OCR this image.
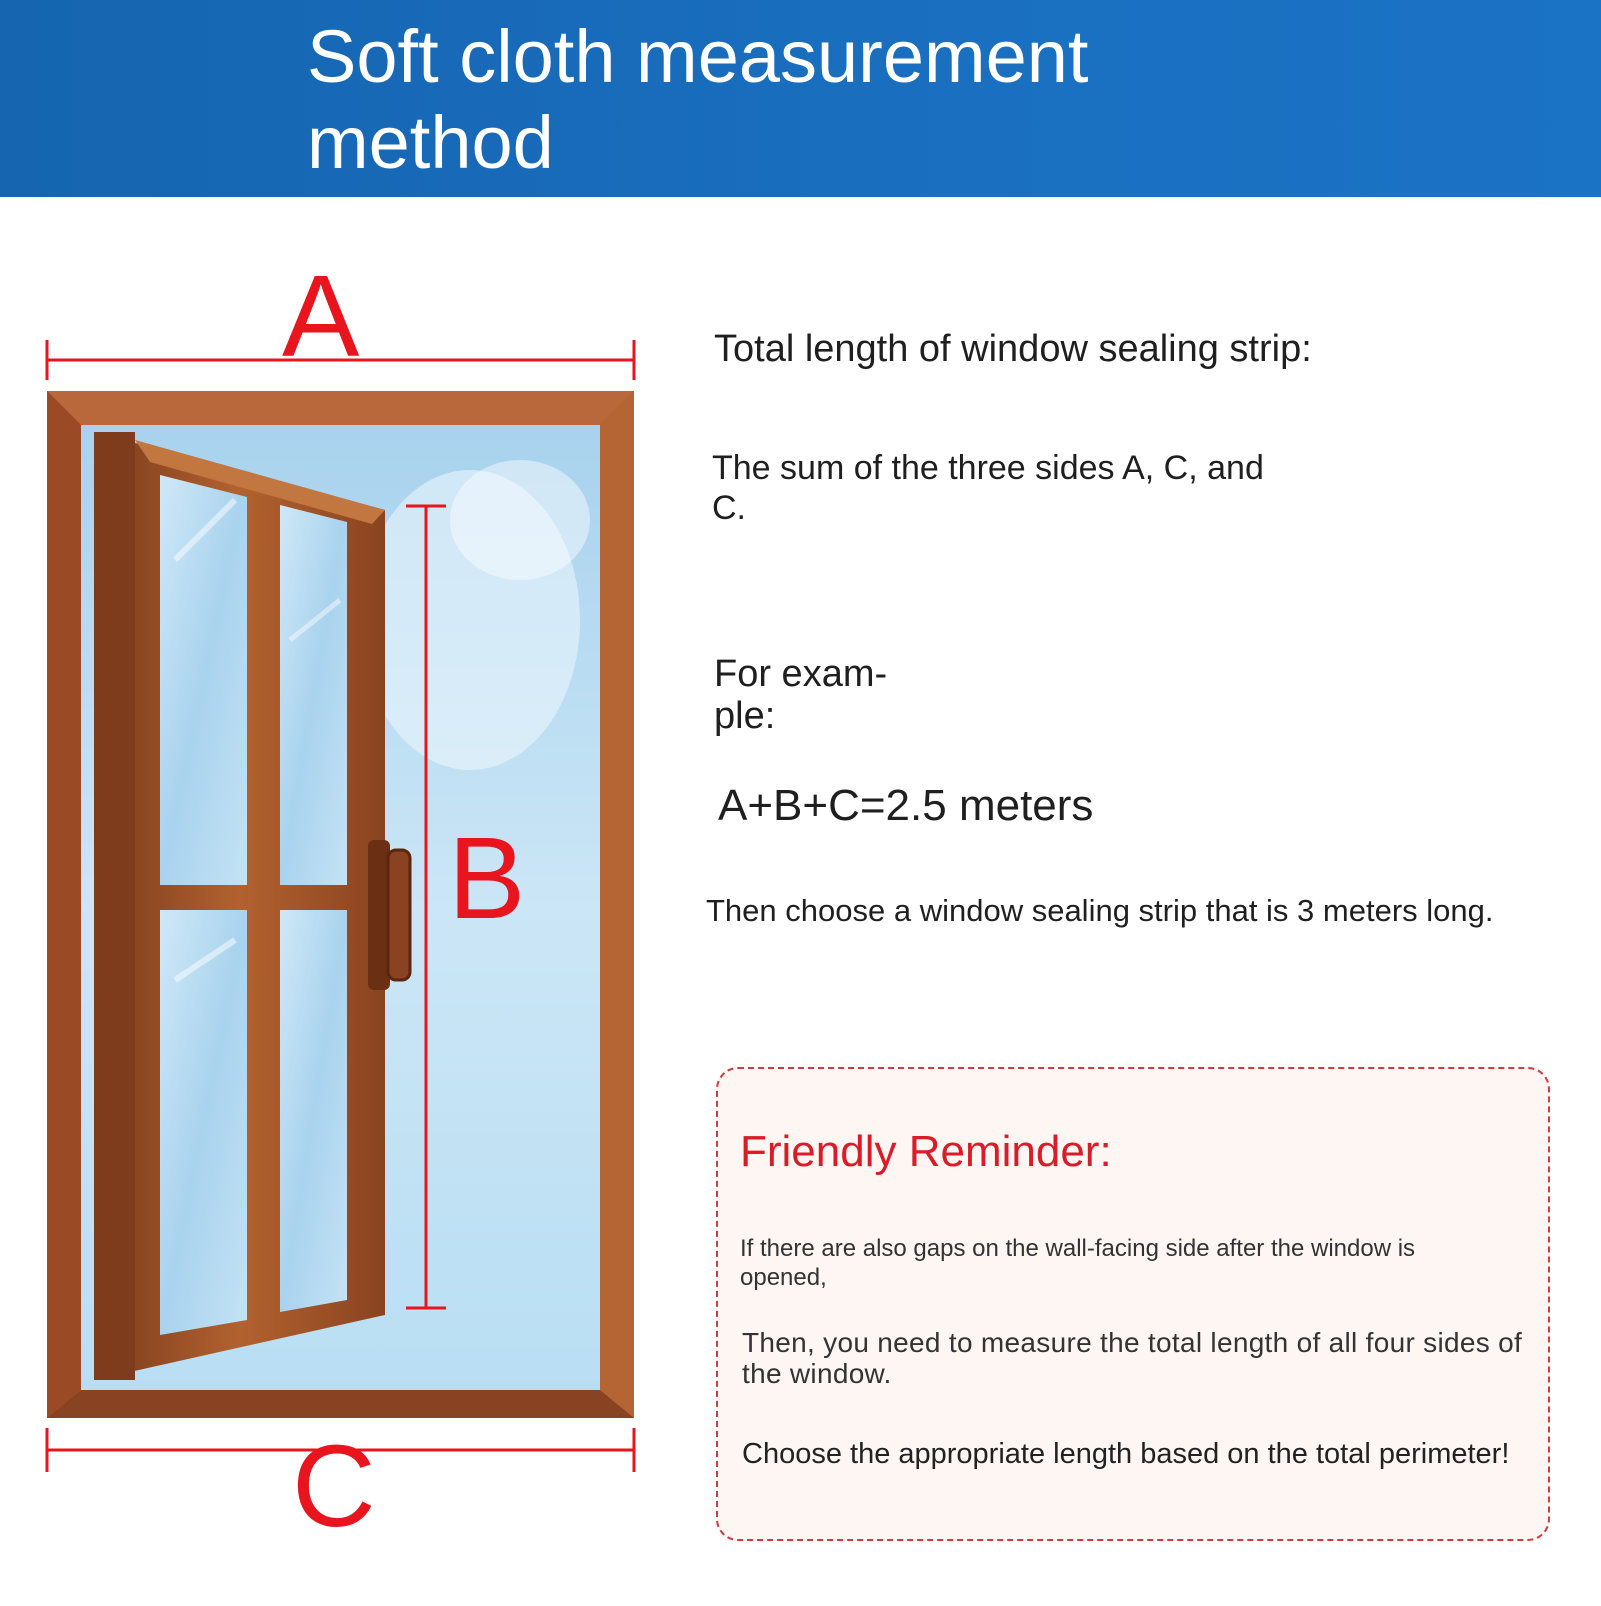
Soft cloth measurement
method
A
B
C

Total length of window sealing strip:

The sum of the three sides A, C, and C.

For exam-
ple:

A+B+C=2.5 meters

Then choose a window sealing strip that is 3 meters long.

Friendly Reminder:

If there are also gaps on the wall-facing side after the window is opened,

Then, you need to measure the total length of all four sides of the window.

Choose the appropriate length based on the total perimeter!
